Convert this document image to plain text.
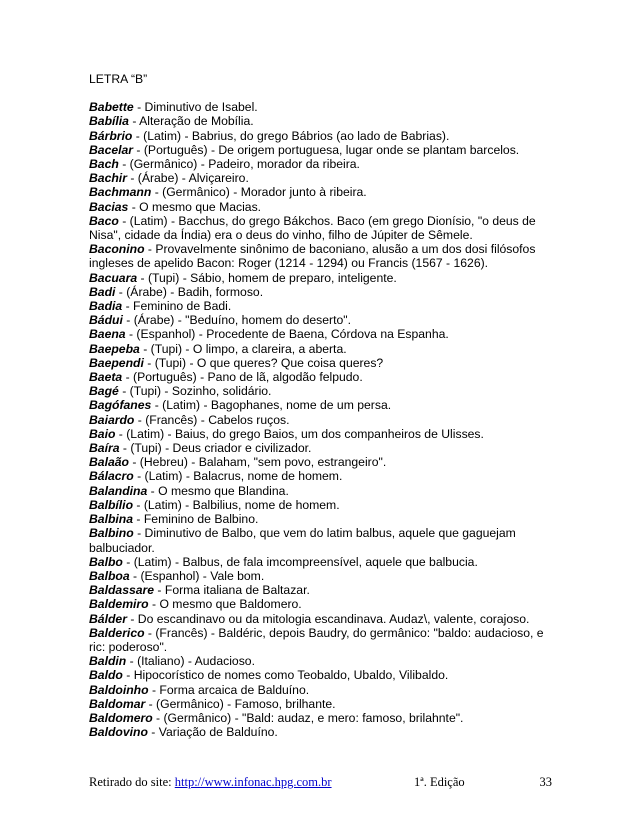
LETRA “B”

Babette - Diminutivo de Isabel.

Babília - Alteração de Mobília.

Bárbrio - (Latim) - Babrius, do grego Bábrios (ao lado de Babrias).

Bacelar - (Português) - De origem portuguesa, lugar onde se plantam barcelos.

Bach - (Germânico) - Padeiro, morador da ribeira.

Bachir - (Árabe) - Alviçareiro.

Bachmann - (Germânico) - Morador junto à ribeira.

Bacias - O mesmo que Macias.

Baco - (Latim) - Bacchus, do grego Bákchos. Baco (em grego Dionísio, "o deus de Nisa", cidade da Índia) era o deus do vinho, filho de Júpiter de Sêmele.

Baconino - Provavelmente sinônimo de baconiano, alusão a um dos dosi filósofos ingleses de apelido Bacon: Roger (1214 - 1294) ou Francis (1567 - 1626).

Bacuara - (Tupi) - Sábio, homem de preparo, inteligente.

Badi - (Árabe) - Badih, formoso.

Badia - Feminino de Badi.

Bádui - (Árabe) - "Beduíno, homem do deserto".

Baena - (Espanhol) - Procedente de Baena, Córdova na Espanha.

Baepeba - (Tupi) - O limpo, a clareira, a aberta.

Baependi - (Tupi) - O que queres? Que coisa queres?

Baeta - (Português) - Pano de lã, algodão felpudo.

Bagé - (Tupi) - Sozinho, solidário.

Bagófanes - (Latim) - Bagophanes, nome de um persa.

Baiardo - (Francês) - Cabelos ruços.

Baio - (Latim) - Baius, do grego Baios, um dos companheiros de Ulisses.

Baíra - (Tupi) - Deus criador e civilizador.

Balaão - (Hebreu) - Balaham, "sem povo, estrangeiro".

Bálacro - (Latim) - Balacrus, nome de homem.

Balandina - O mesmo que Blandina.

Balbílio - (Latim) - Balbilius, nome de homem.

Balbina - Feminino de Balbino.

Balbino - Diminutivo de Balbo, que vem do latim balbus, aquele que gaguejam balbuciador.

Balbo - (Latim) - Balbus, de fala imcompreensível, aquele que balbucia.

Balboa - (Espanhol) - Vale bom.

Baldassare - Forma italiana de Baltazar.

Baldemiro - O mesmo que Baldomero.

Bálder - Do escandinavo ou da mitologia escandinava. Audaz\, valente, corajoso.

Balderico - (Francês) - Baldéric, depois Baudry, do germânico: "baldo: audacioso, e ric: poderoso".

Baldin - (Italiano) - Audacioso.

Baldo - Hipocorístico de nomes como Teobaldo, Ubaldo, Vilibaldo.

Baldoinho - Forma arcaica de Balduíno.

Baldomar - (Germânico) - Famoso, brilhante.

Baldomero - (Germânico) - "Bald: audaz, e mero: famoso, brilahnte".

Baldovino - Variação de Balduíno.

Retirado do site: http://www.infonac.hpg.com.br	1ª. Edição	33
